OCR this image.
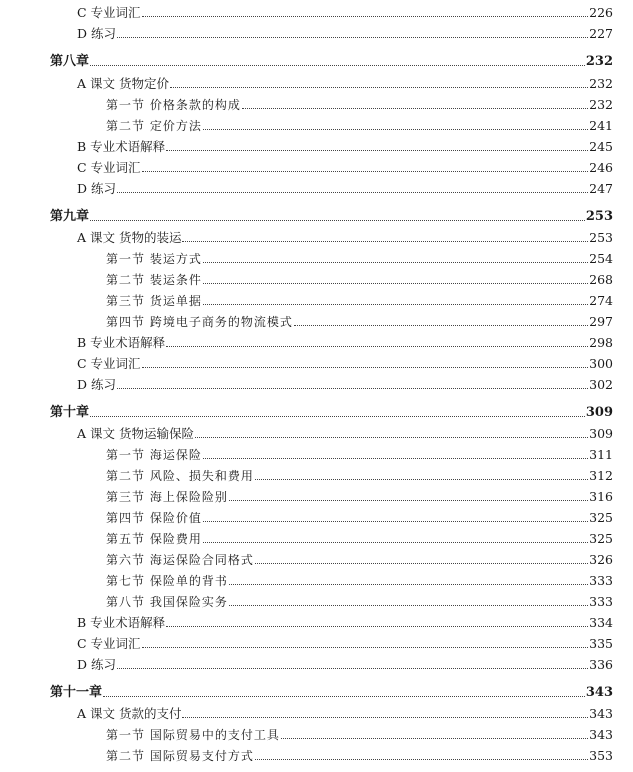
C 专业词汇	226
D 练习	227
第八章	232
A 课文 货物定价	232
第一节 价格条款的构成	232
第二节 定价方法	241
B 专业术语解释	245
C 专业词汇	246
D 练习	247
第九章	253
A 课文 货物的装运	253
第一节 装运方式	254
第二节 装运条件	268
第三节 货运单据	274
第四节 跨境电子商务的物流模式	297
B 专业术语解释	298
C 专业词汇	300
D 练习	302
第十章	309
A 课文 货物运输保险	309
第一节 海运保险	311
第二节 风险、损失和费用	312
第三节 海上保险险别	316
第四节 保险价值	325
第五节 保险费用	325
第六节 海运保险合同格式	326
第七节 保险单的背书	333
第八节 我国保险实务	333
B 专业术语解释	334
C 专业词汇	335
D 练习	336
第十一章	343
A 课文 货款的支付	343
第一节 国际贸易中的支付工具	343
第二节 国际贸易支付方式	353
